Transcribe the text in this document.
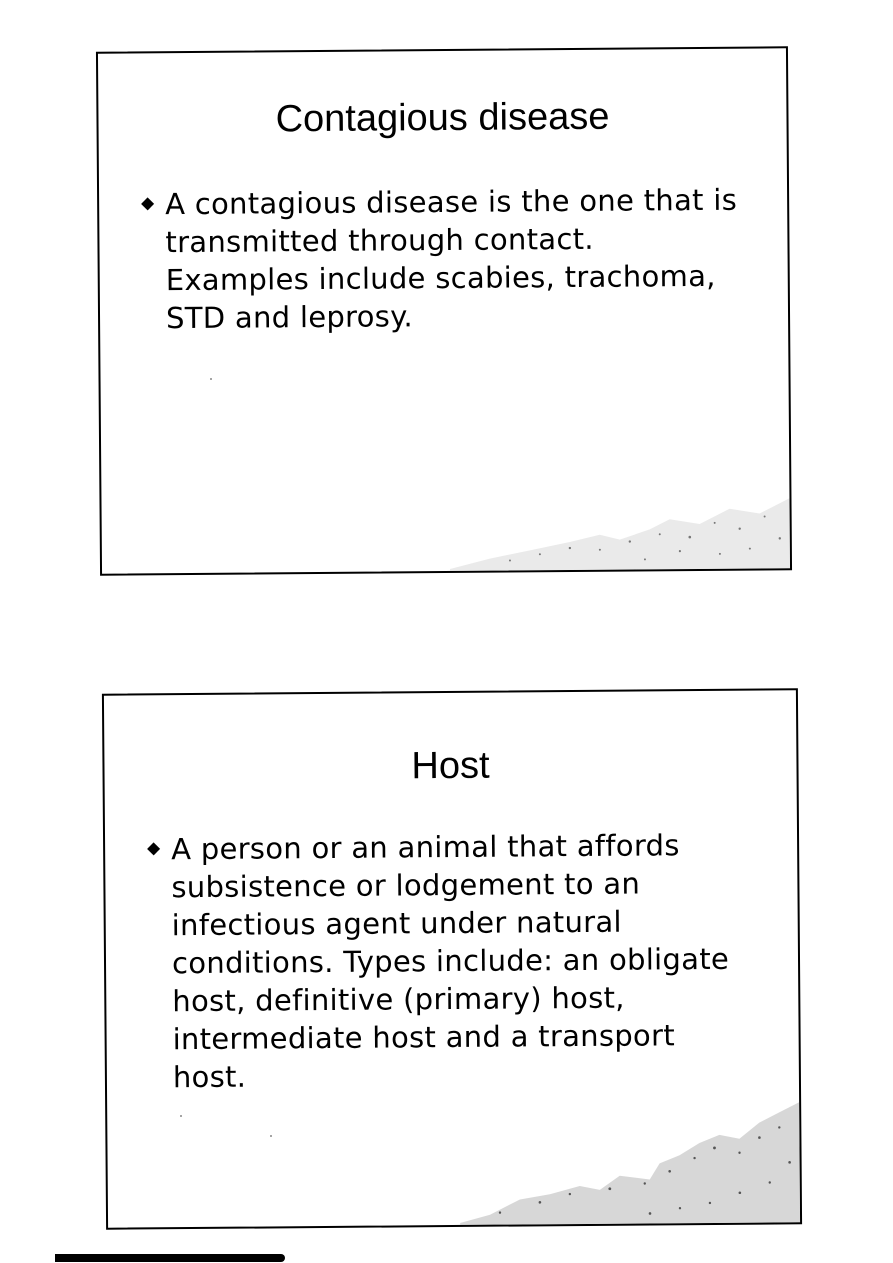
Contagious disease
◆ A contagious disease is the one that is transmitted through contact. Examples include scabies, trachoma, STD and leprosy.
Host
◆ A person or an animal that affords subsistence or lodgement to an infectious agent under natural conditions. Types include: an obligate host, definitive (primary) host, intermediate host and a transport host.
